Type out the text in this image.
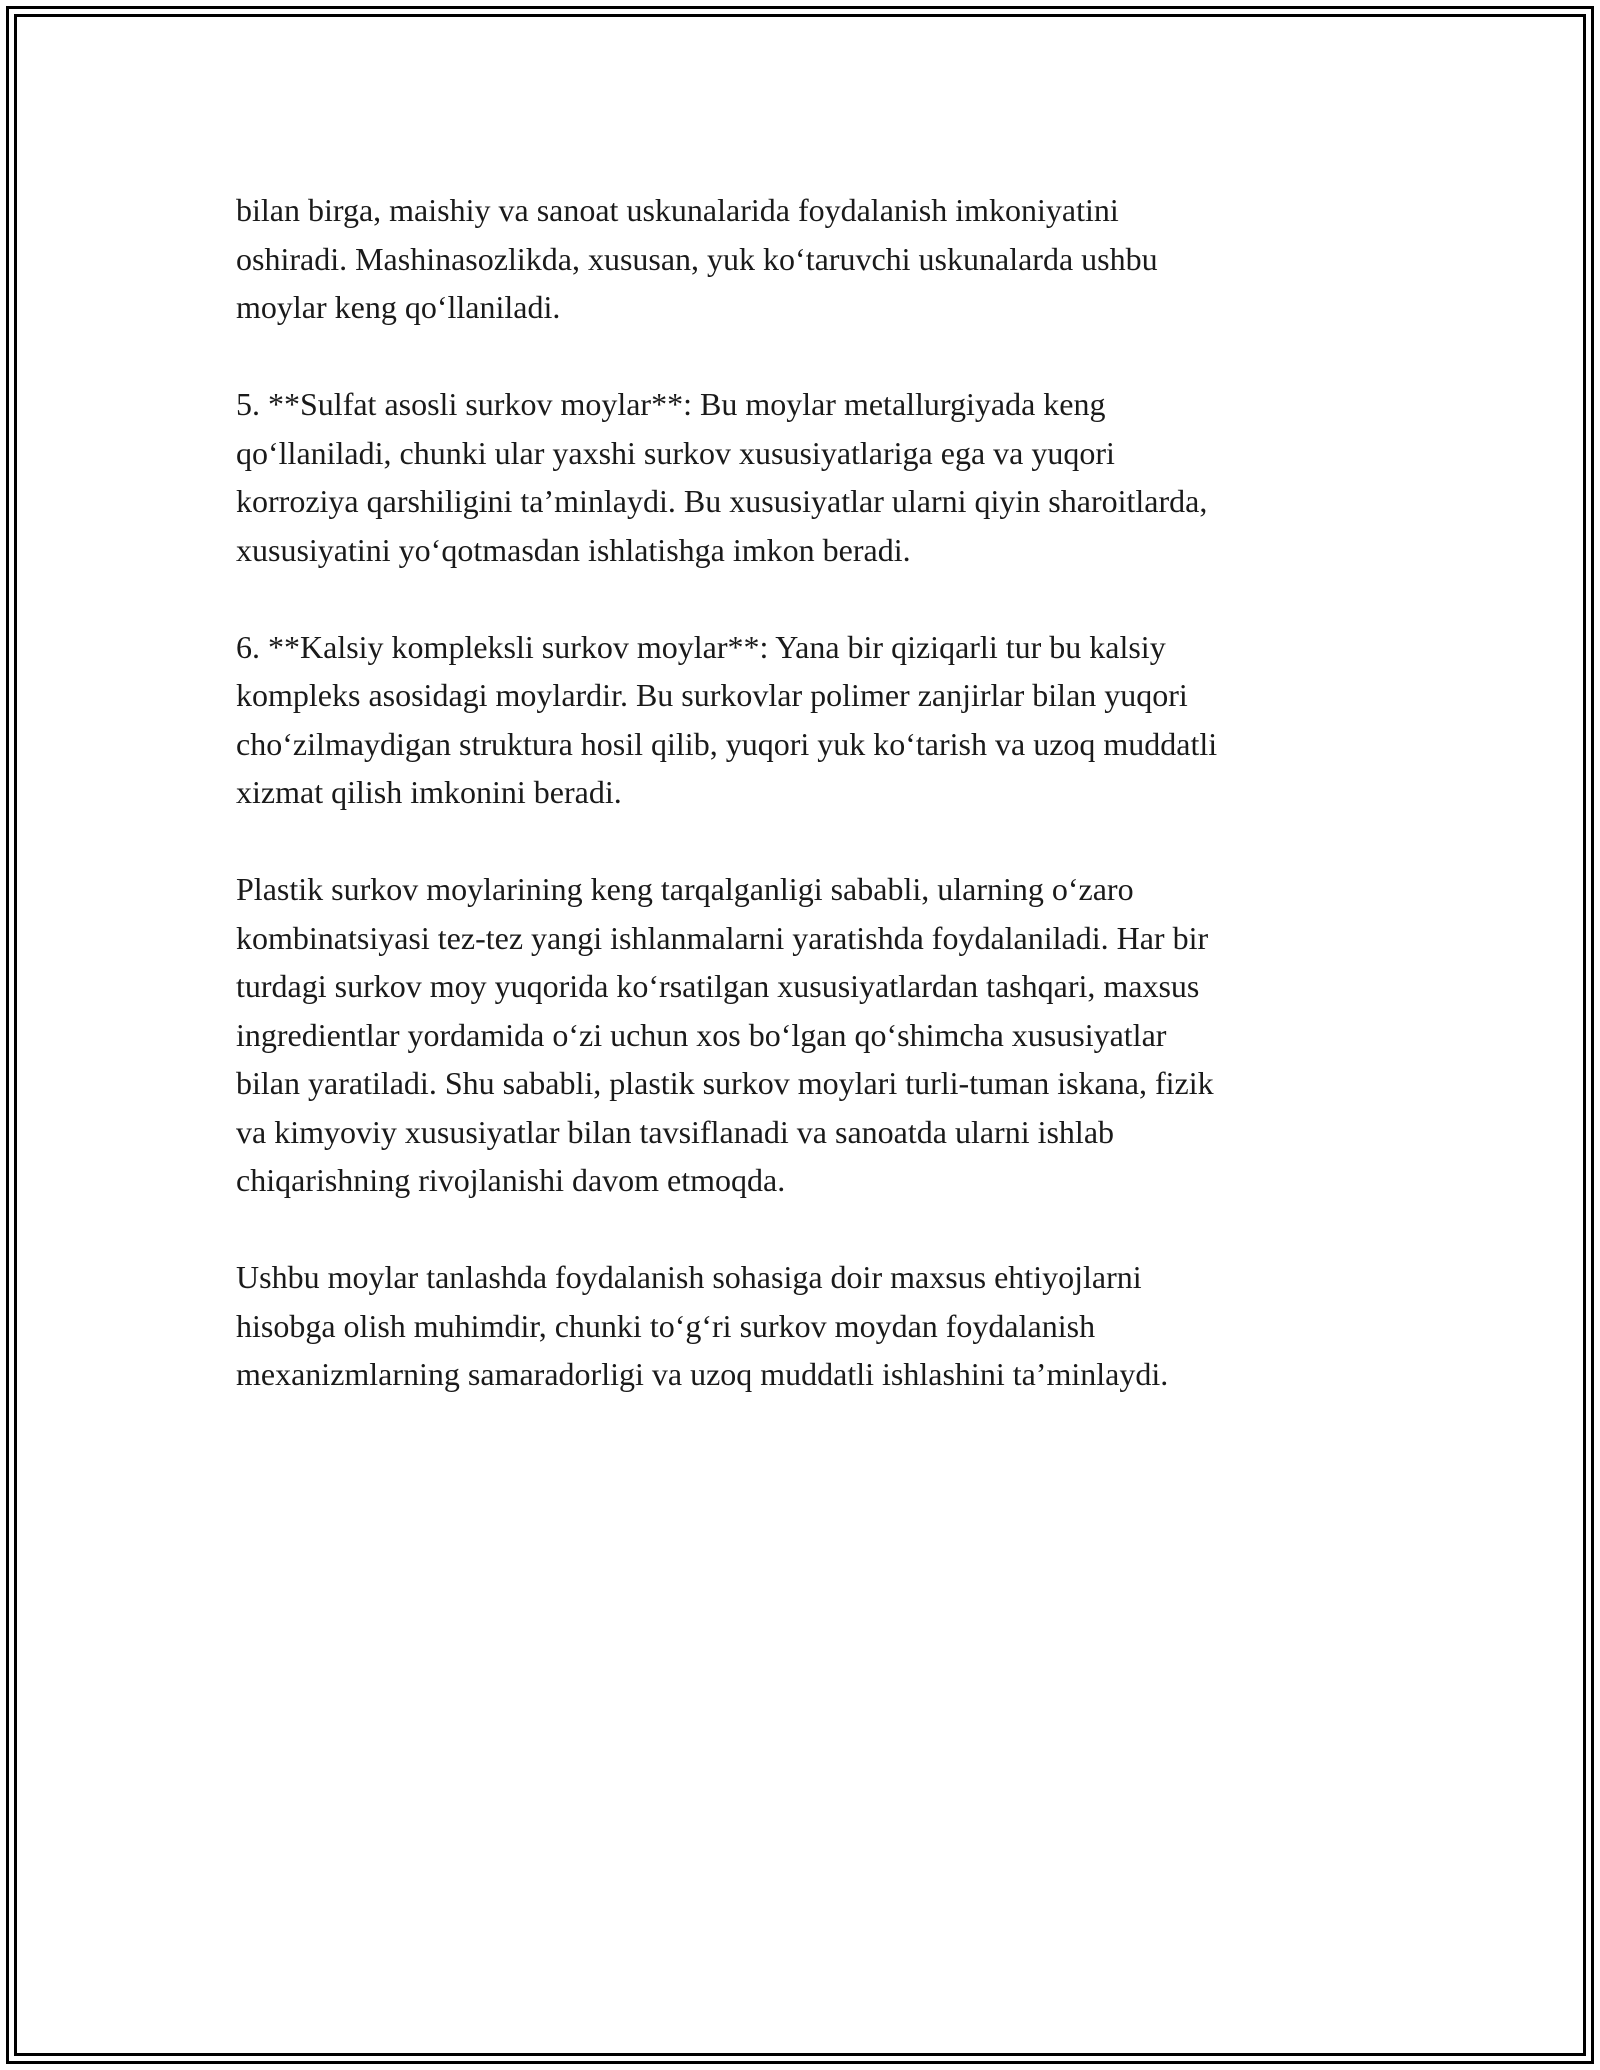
bilan birga, maishiy va sanoat uskunalarida foydalanish imkoniyatini
oshiradi. Mashinasozlikda, xususan, yuk ko‘taruvchi uskunalarda ushbu
moylar keng qo‘llaniladi.

5. **Sulfat asosli surkov moylar**: Bu moylar metallurgiyada keng
qo‘llaniladi, chunki ular yaxshi surkov xususiyatlariga ega va yuqori
korroziya qarshiligini ta’minlaydi. Bu xususiyatlar ularni qiyin sharoitlarda,
xususiyatini yo‘qotmasdan ishlatishga imkon beradi.

6. **Kalsiy kompleksli surkov moylar**: Yana bir qiziqarli tur bu kalsiy
kompleks asosidagi moylardir. Bu surkovlar polimer zanjirlar bilan yuqori
cho‘zilmaydigan struktura hosil qilib, yuqori yuk ko‘tarish va uzoq muddatli
xizmat qilish imkonini beradi.

Plastik surkov moylarining keng tarqalganligi sababli, ularning o‘zaro
kombinatsiyasi tez-tez yangi ishlanmalarni yaratishda foydalaniladi. Har bir
turdagi surkov moy yuqorida ko‘rsatilgan xususiyatlardan tashqari, maxsus
ingredientlar yordamida o‘zi uchun xos bo‘lgan qo‘shimcha xususiyatlar
bilan yaratiladi. Shu sababli, plastik surkov moylari turli-tuman iskana, fizik
va kimyoviy xususiyatlar bilan tavsiflanadi va sanoatda ularni ishlab
chiqarishning rivojlanishi davom etmoqda.

Ushbu moylar tanlashda foydalanish sohasiga doir maxsus ehtiyojlarni
hisobga olish muhimdir, chunki to‘g‘ri surkov moydan foydalanish
mexanizmlarning samaradorligi va uzoq muddatli ishlashini ta’minlaydi.
